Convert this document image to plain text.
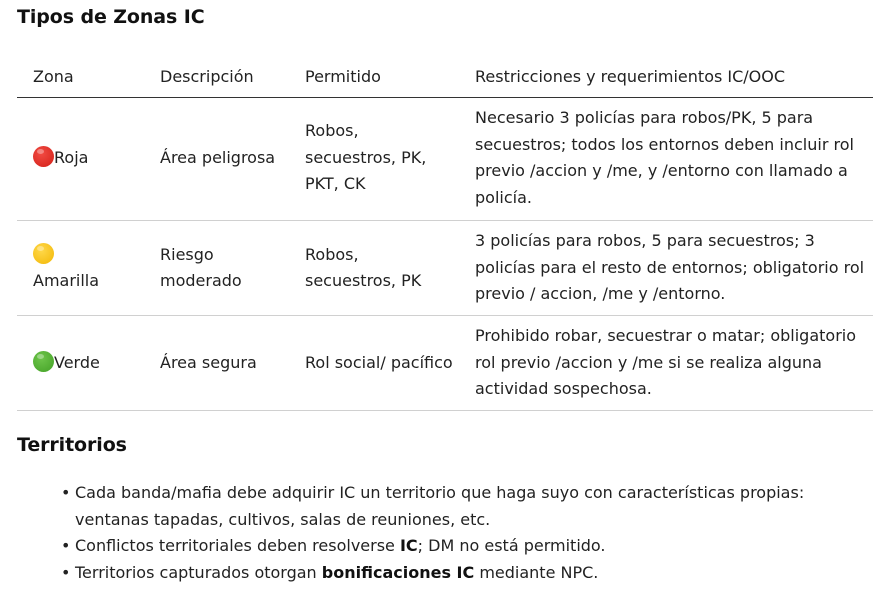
Tipos de Zonas IC
Zona	Descripción	Permitido	Restricciones y requerimientos IC/OOC
Roja	Área peligrosa	Robos, secuestros, PK, PKT, CK	Necesario 3 policías para robos/PK, 5 para secuestros; todos los entornos deben incluir rol previo /accion y /me, y /entorno con llamado a policía.

Amarilla	Riesgo moderado	Robos, secuestros, PK	3 policías para robos, 5 para secuestros; 3 policías para el resto de entornos; obligatorio rol previo / accion, /me y /entorno.
Verde	Área segura	Rol social/ pacífico	Prohibido robar, secuestrar o matar; obligatorio rol previo /accion y /me si se realiza alguna actividad sospechosa.
Territorios
• Cada banda/mafia debe adquirir IC un territorio que haga suyo con características propias: ventanas tapadas, cultivos, salas de reuniones, etc.
• Conflictos territoriales deben resolverse IC; DM no está permitido.
• Territorios capturados otorgan bonificaciones IC mediante NPC.
